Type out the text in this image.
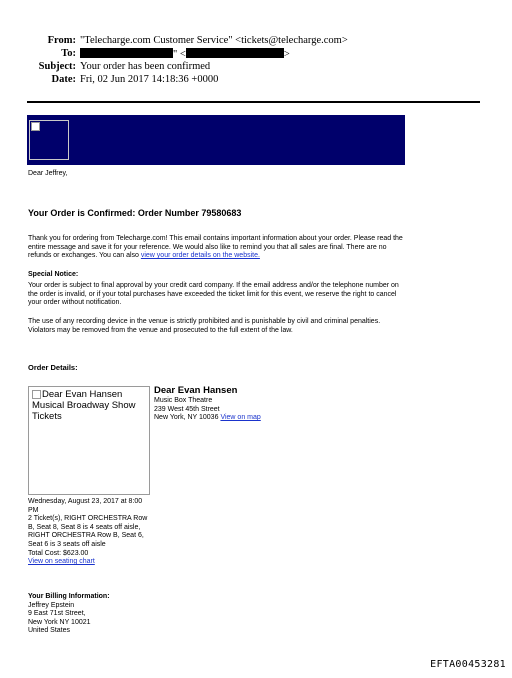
From: "Telecharge.com Customer Service" <tickets@telecharge.com>
To:	" <	>
Subject: Your order has been confirmed
Date: Fri, 02 Jun 2017 14:18:36 +0000
Dear Jeffrey,
Your Order is Confirmed: Order Number 79580683
Thank you for ordering from Telecharge.com! This email contains important information about your order. Please read the entire message and save it for your reference. We would also like to remind you that all sales are final. There are no refunds or exchanges. You can also view your order details on the website.
Special Notice:
Your order is subject to final approval by your credit card company. If the email address and/or the telephone number on the order is invalid, or if your total purchases have exceeded the ticket limit for this event, we reserve the right to cancel your order without notification.
The use of any recording device in the venue is strictly prohibited and is punishable by civil and criminal penalties. Violators may be removed from the venue and prosecuted to the full extent of the law.
Order Details:
Dear Evan Hansen Musical Broadway Show Tickets
Dear Evan Hansen
Music Box Theatre
239 West 45th Street
New York, NY 10036 View on map
Wednesday, August 23, 2017 at 8:00 PM
2 Ticket(s), RIGHT ORCHESTRA Row B, Seat 8, Seat 8 is 4 seats off aisle, RIGHT ORCHESTRA Row B, Seat 6, Seat 6 is 3 seats off aisle
Total Cost: $623.00
View on seating chart
Your Billing Information:
Jeffrey Epstein
9 East 71st Street,
New York NY 10021
United States
EFTA00453281
